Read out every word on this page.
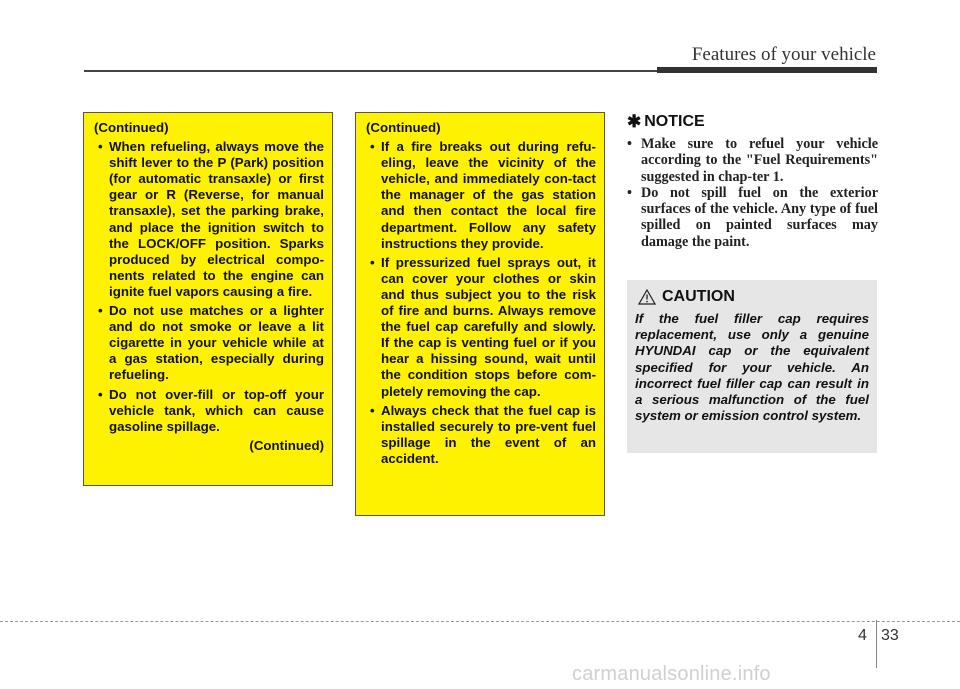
Features of your vehicle
(Continued)
• When refueling, always move the shift lever to the P (Park) position (for automatic transaxle) or first gear or R (Reverse, for manual transaxle), set the parking brake, and place the ignition switch to the LOCK/OFF position. Sparks produced by electrical compo-nents related to the engine can ignite fuel vapors causing a fire.
• Do not use matches or a lighter and do not smoke or leave a lit cigarette in your vehicle while at a gas station, especially during refueling.
• Do not over-fill or top-off your vehicle tank, which can cause gasoline spillage.
(Continued)
(Continued)
• If a fire breaks out during refu-eling, leave the vicinity of the vehicle, and immediately con-tact the manager of the gas station and then contact the local fire department. Follow any safety instructions they provide.
• If pressurized fuel sprays out, it can cover your clothes or skin and thus subject you to the risk of fire and burns. Always remove the fuel cap carefully and slowly. If the cap is venting fuel or if you hear a hissing sound, wait until the condition stops before com-pletely removing the cap.
• Always check that the fuel cap is installed securely to pre-vent fuel spillage in the event of an accident.
✱ NOTICE
• Make sure to refuel your vehicle according to the "Fuel Requirements" suggested in chap-ter 1.
• Do not spill fuel on the exterior surfaces of the vehicle. Any type of fuel spilled on painted surfaces may damage the paint.
CAUTION
If the fuel filler cap requires replacement, use only a genuine HYUNDAI cap or the equivalent specified for your vehicle. An incorrect fuel filler cap can result in a serious malfunction of the fuel system or emission control system.
4 33
carmanualsonline.info
